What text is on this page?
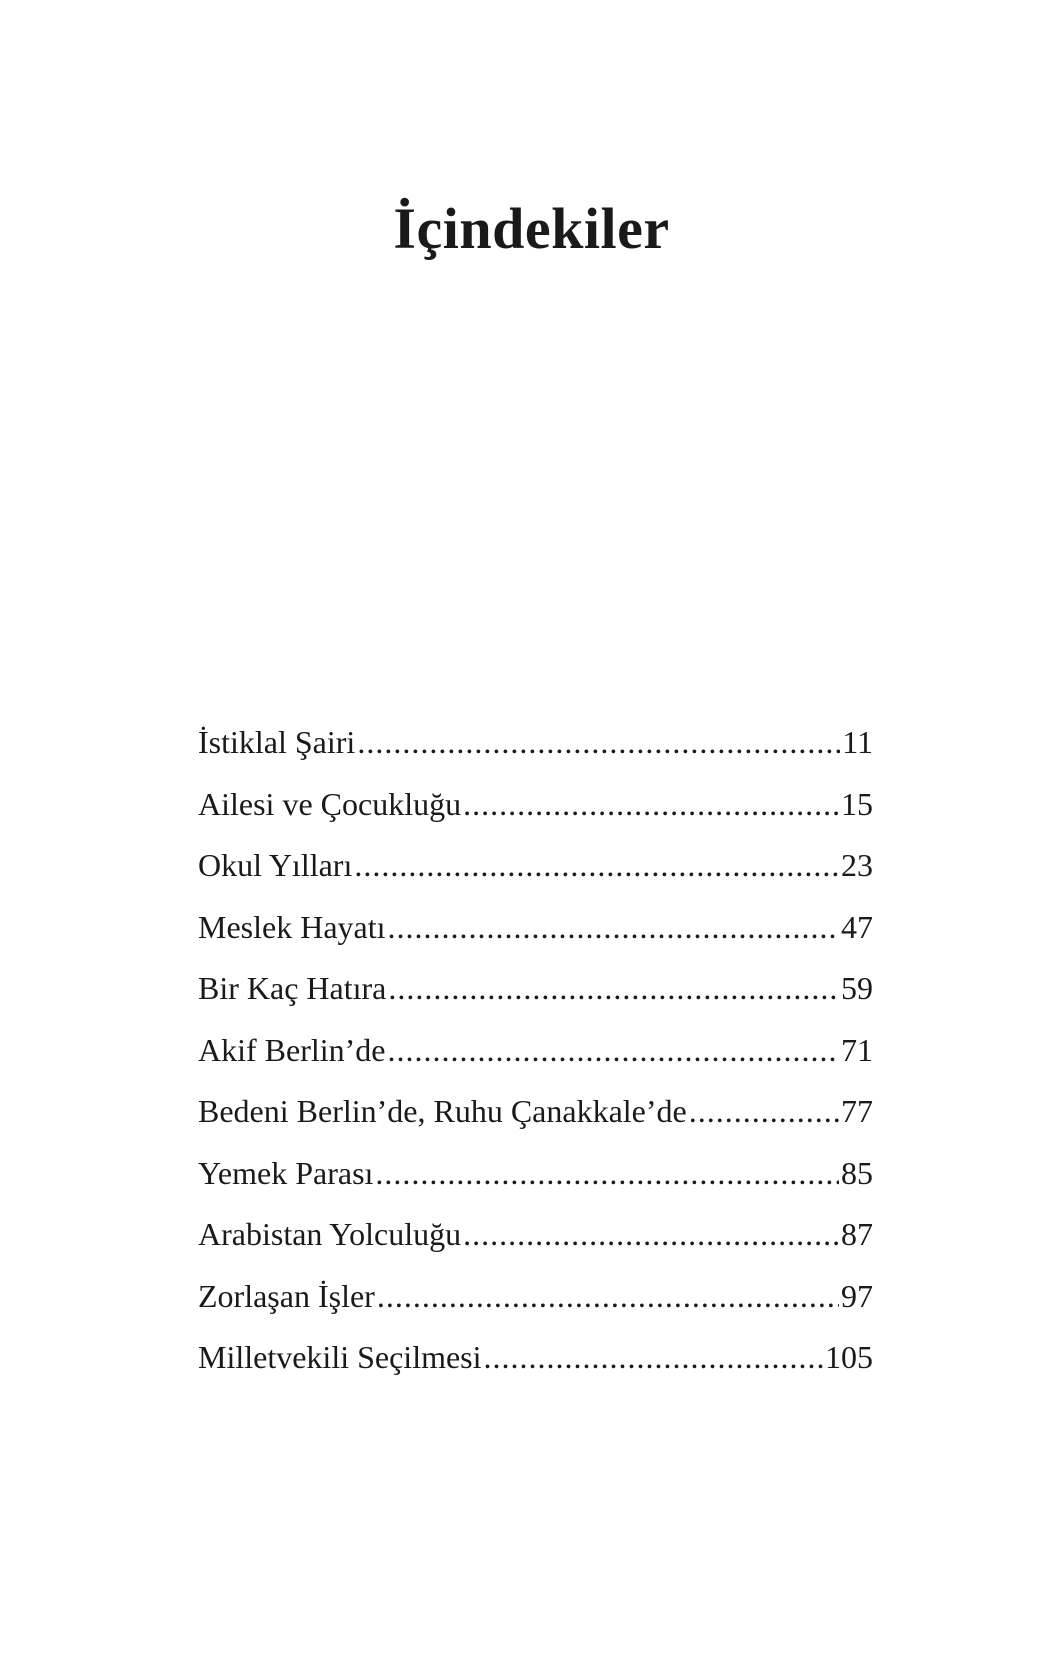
İçindekiler
İstiklal Şairi .....	11
Ailesi ve Çocukluğu .....	15
Okul Yılları .....	23
Meslek Hayatı .....	47
Bir Kaç Hatıra .....	59
Akif Berlin’de .....	71
Bedeni Berlin’de, Ruhu Çanakkale’de .....	77
Yemek Parası .....	85
Arabistan Yolculuğu .....	87
Zorlaşan İşler .....	97
Milletvekili Seçilmesi .....	105
